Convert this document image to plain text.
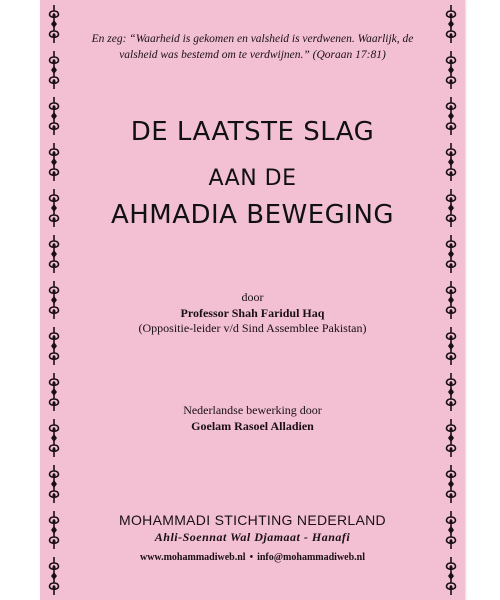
En zeg: “Waarheid is gekomen en valsheid is verdwenen. Waarlijk, de valsheid was bestemd om te verdwijnen.” (Qoraan 17:81)
DE LAATSTE SLAG
AAN DE
AHMADIA BEWEGING
door
Professor Shah Faridul Haq
(Oppositie-leider v/d Sind Assemblee Pakistan)
Nederlandse bewerking door
Goelam Rasoel Alladien
MOHAMMADI STICHTING NEDERLAND
Ahli-Soennat Wal Djamaat - Hanafi
www.mohammadiweb.nl • info@mohammadiweb.nl
